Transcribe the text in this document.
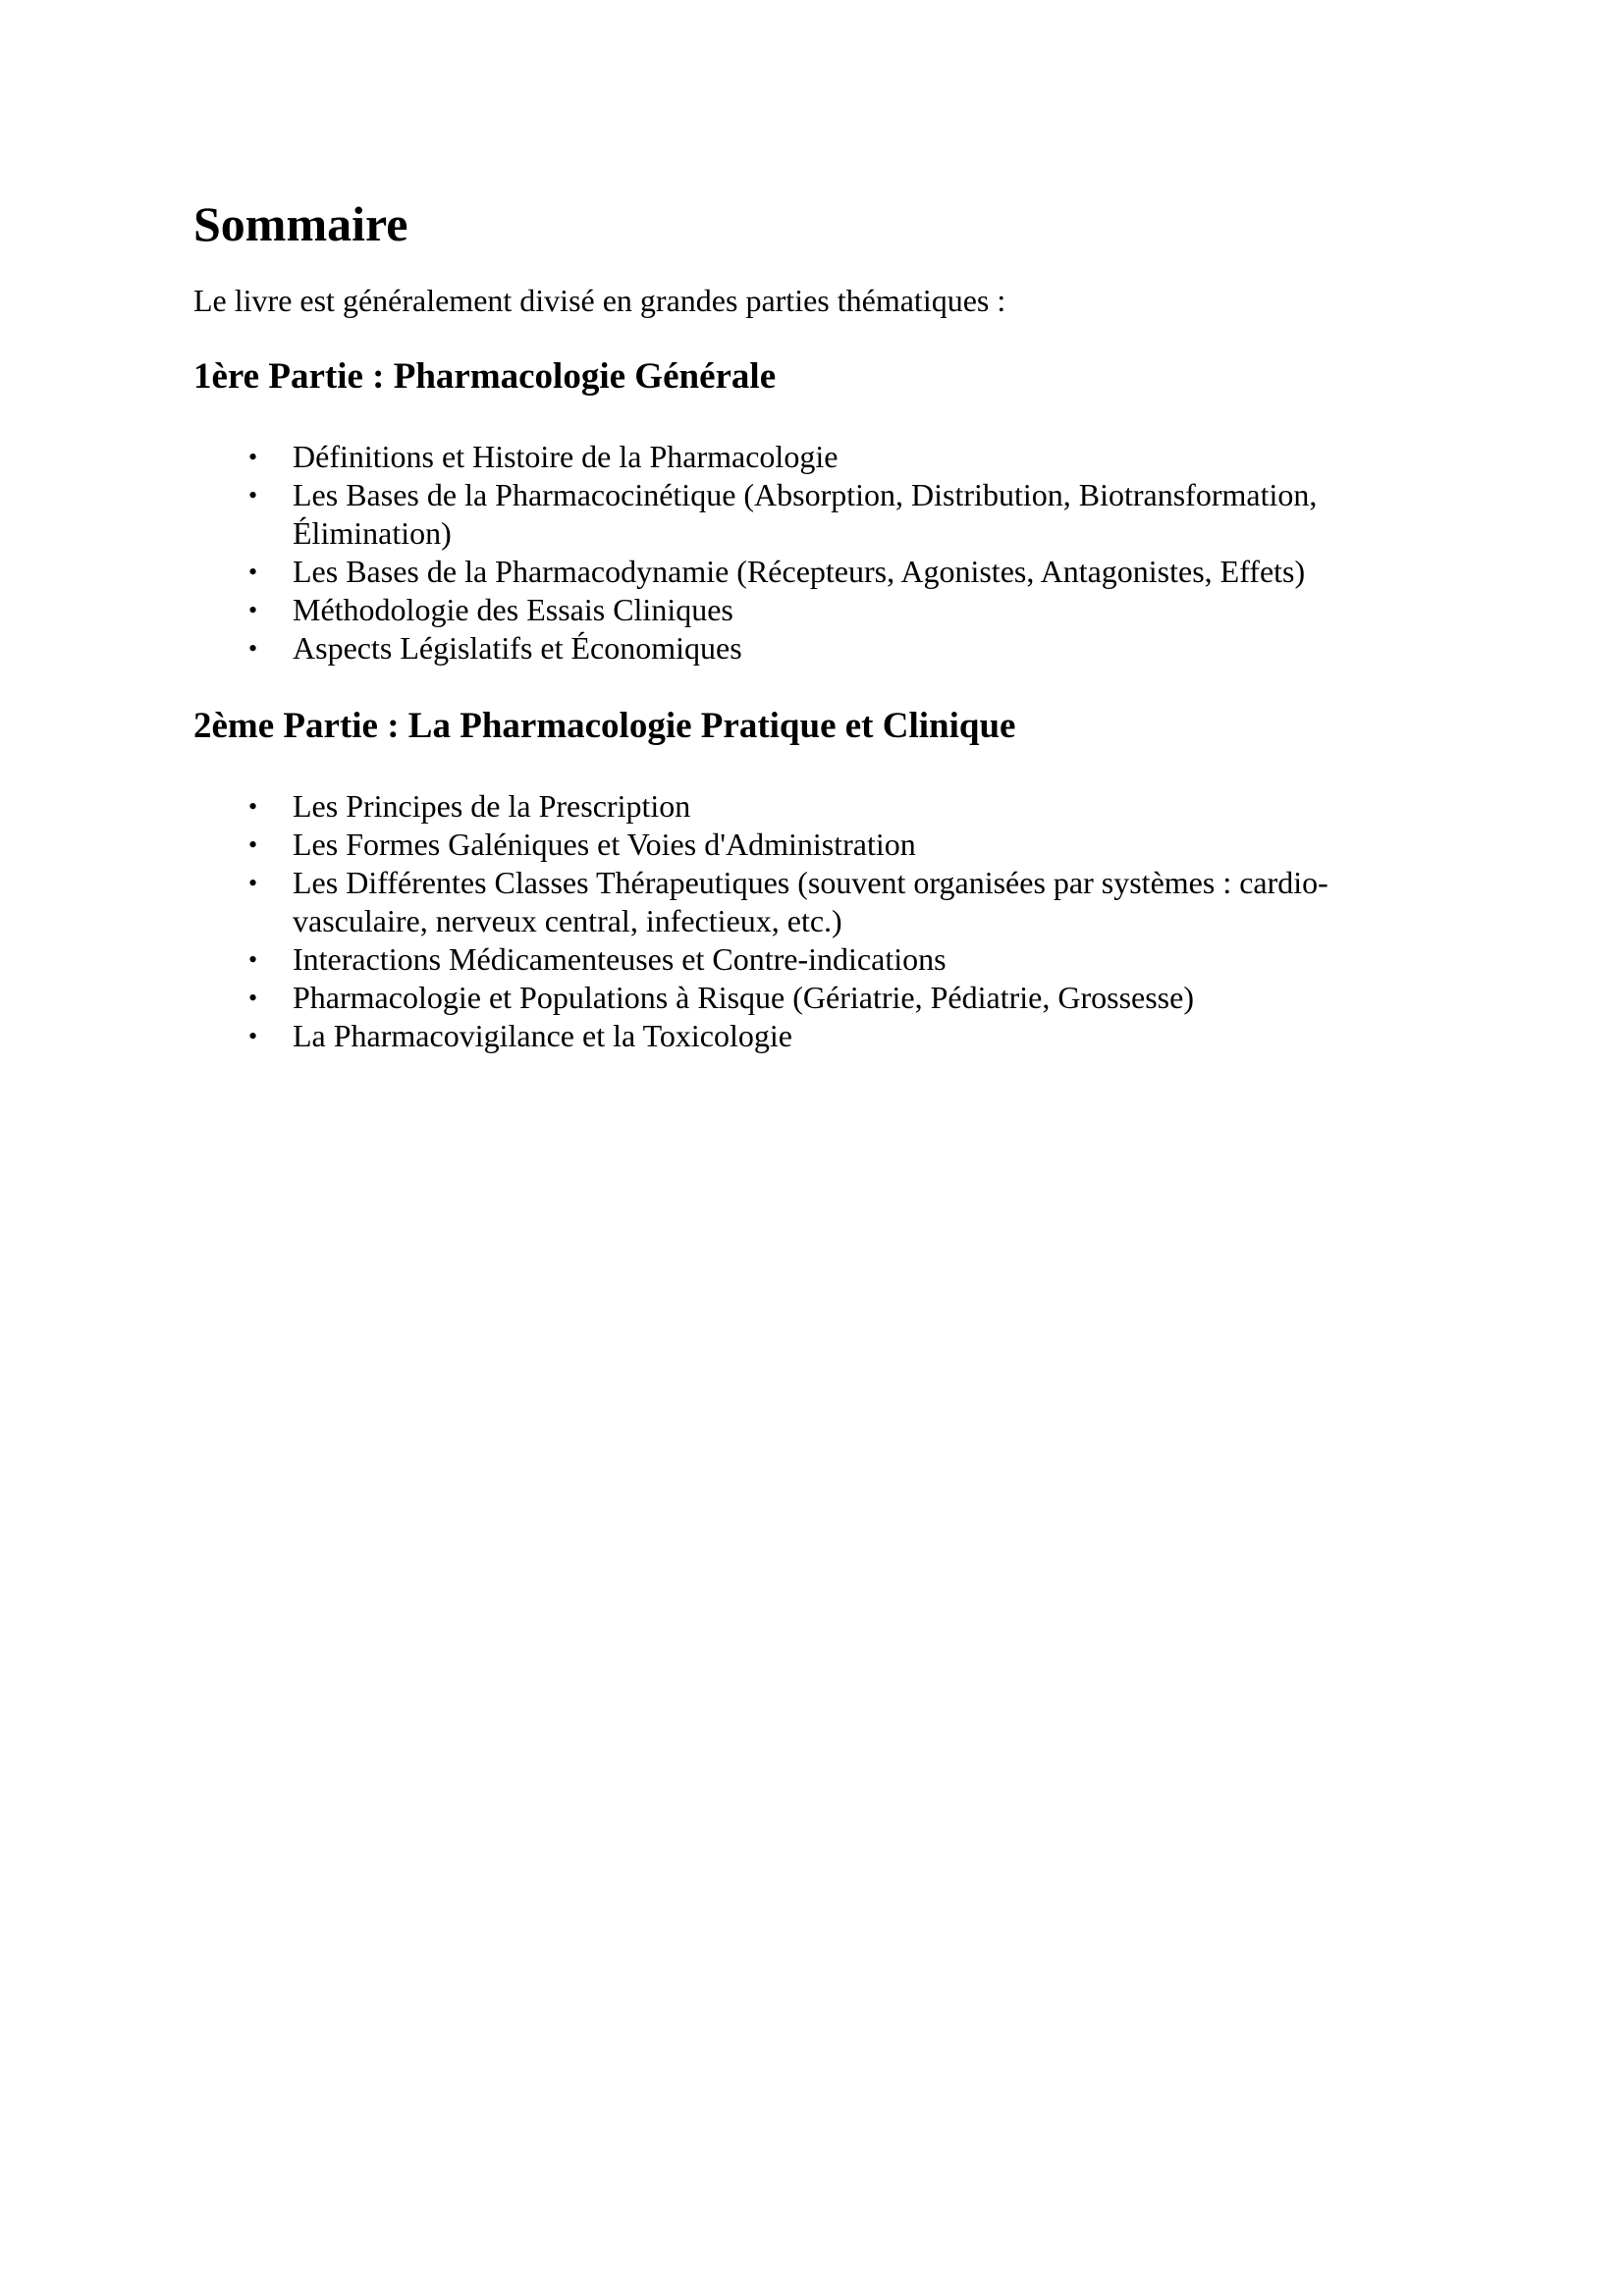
Sommaire

Le livre est généralement divisé en grandes parties thématiques :

1ère Partie : Pharmacologie Générale
• Définitions et Histoire de la Pharmacologie
• Les Bases de la Pharmacocinétique (Absorption, Distribution, Biotransformation, Élimination)
• Les Bases de la Pharmacodynamie (Récepteurs, Agonistes, Antagonistes, Effets)
• Méthodologie des Essais Cliniques
• Aspects Législatifs et Économiques
2ème Partie : La Pharmacologie Pratique et Clinique
• Les Principes de la Prescription
• Les Formes Galéniques et Voies d'Administration
• Les Différentes Classes Thérapeutiques (souvent organisées par systèmes : cardio-vasculaire, nerveux central, infectieux, etc.)
• Interactions Médicamenteuses et Contre-indications
• Pharmacologie et Populations à Risque (Gériatrie, Pédiatrie, Grossesse)
• La Pharmacovigilance et la Toxicologie
